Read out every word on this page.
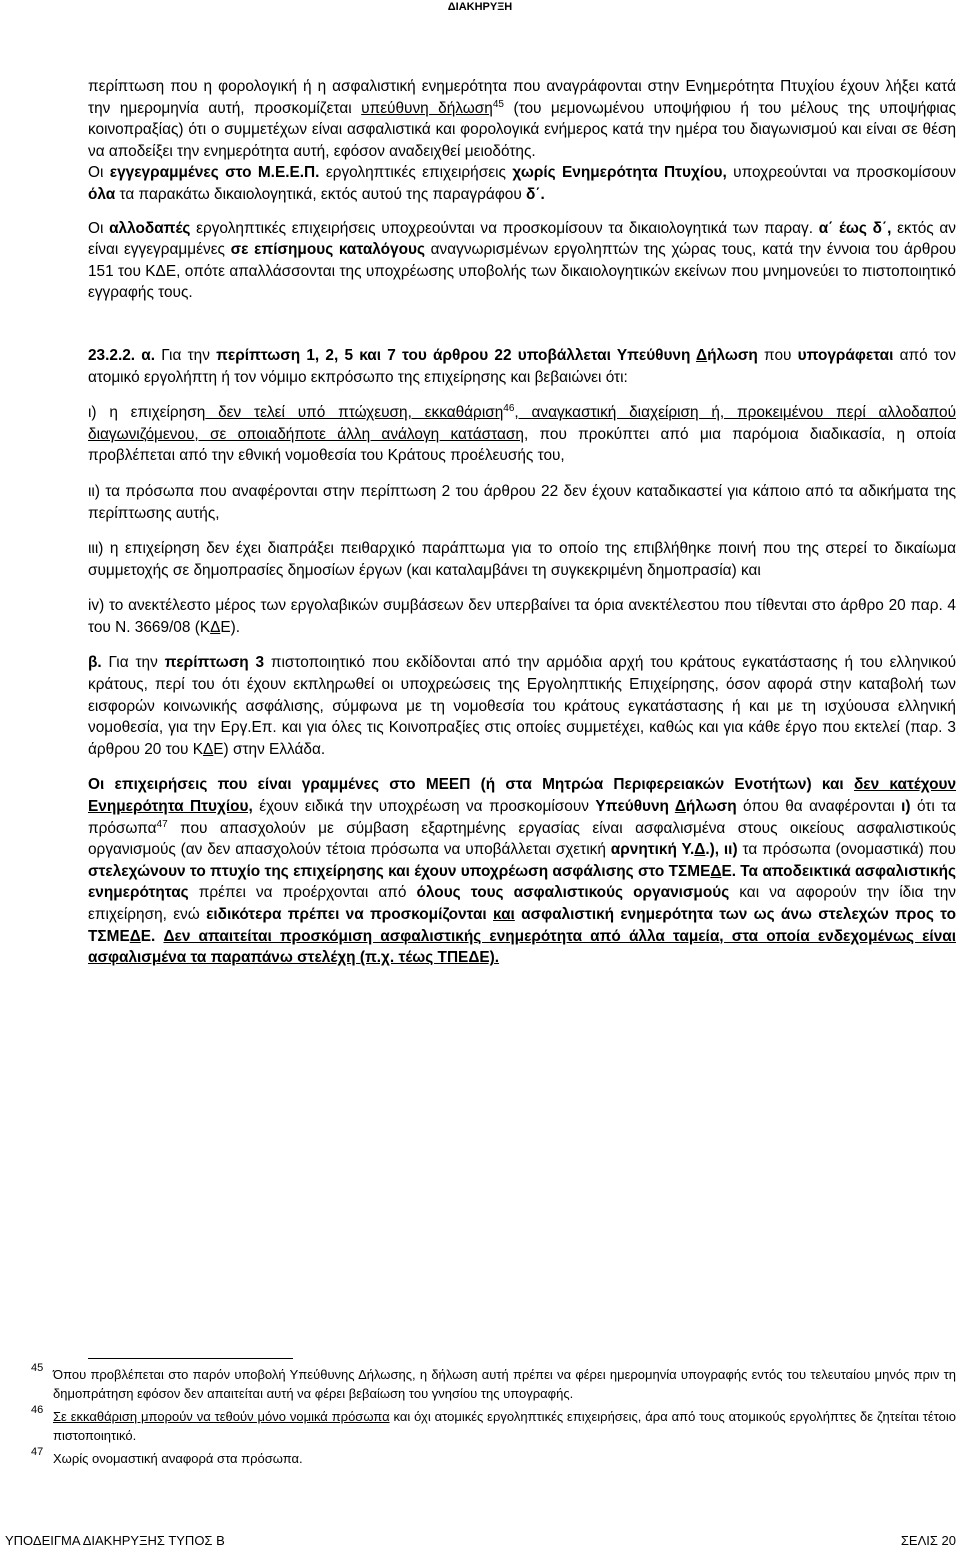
ΔΙΑΚΗΡΥΞΗ

περίπτωση που η φορολογική ή η ασφαλιστική ενημερότητα που αναγράφονται στην Ενημερότητα Πτυχίου έχουν λήξει κατά την ημερομηνία αυτή, προσκομίζεται υπεύθυνη δήλωση$^{45}$ (του μεμονωμένου υποψήφιου ή του μέλους της υποψήφιας κοινοπραξίας) ότι ο συμμετέχων είναι ασφαλιστικά και φορολογικά ενήμερος κατά την ημέρα του διαγωνισμού και είναι σε θέση να αποδείξει την ενημερότητα αυτή, εφόσον αναδειχθεί μειοδότης.

Οι εγγεγραμμένες στο Μ.Ε.Ε.Π. εργοληπτικές επιχειρήσεις χωρίς Ενημερότητα Πτυχίου, υποχρεούνται να προσκομίσουν όλα τα παρακάτω δικαιολογητικά, εκτός αυτού της παραγράφου δ΄.

Οι αλλοδαπές εργοληπτικές επιχειρήσεις υποχρεούνται να προσκομίσουν τα δικαιολογητικά των παραγ. α΄ έως δ΄, εκτός αν είναι εγγεγραμμένες σε επίσημους καταλόγους αναγνωρισμένων εργοληπτών της χώρας τους, κατά την έννοια του άρθρου 151 του ΚΔΕ, οπότε απαλλάσσονται της υποχρέωσης υποβολής των δικαιολογητικών εκείνων που μνημονεύει το πιστοποιητικό εγγραφής τους.

23.2.2. α. Για την περίπτωση 1, 2, 5 και 7 του άρθρου 22 υποβάλλεται Υπεύθυνη Δήλωση που υπογράφεται από τον ατομικό εργολήπτη ή τον νόμιμο εκπρόσωπο της επιχείρησης και βεβαιώνει ότι:

ι) η επιχείρηση δεν τελεί υπό πτώχευση, εκκαθάριση$^{46}$, αναγκαστική διαχείριση ή, προκειμένου περί αλλοδαπού διαγωνιζόμενου, σε οποιαδήποτε άλλη ανάλογη κατάσταση, που προκύπτει από μια παρόμοια διαδικασία, η οποία προβλέπεται από την εθνική νομοθεσία του Κράτους προέλευσής του,

ιι) τα πρόσωπα που αναφέρονται στην περίπτωση 2 του άρθρου 22 δεν έχουν καταδικαστεί για κάποιο από τα αδικήματα της περίπτωσης αυτής,

ιιι) η επιχείρηση δεν έχει διαπράξει πειθαρχικό παράπτωμα για το οποίο της επιβλήθηκε ποινή που της στερεί το δικαίωμα συμμετοχής σε δημοπρασίες δημοσίων έργων (και καταλαμβάνει τη συγκεκριμένη δημοπρασία) και

iv) το ανεκτέλεστο μέρος των εργολαβικών συμβάσεων δεν υπερβαίνει τα όρια ανεκτέλεστου που τίθενται στο άρθρο 20 παρ. 4 του Ν. 3669/08 (ΚΔΕ).

β. Για την περίπτωση 3 πιστοποιητικό που εκδίδονται από την αρμόδια αρχή του κράτους εγκατάστασης ή του ελληνικού κράτους, περί του ότι έχουν εκπληρωθεί οι υποχρεώσεις της Εργοληπτικής Επιχείρησης, όσον αφορά στην καταβολή των εισφορών κοινωνικής ασφάλισης, σύμφωνα με τη νομοθεσία του κράτους εγκατάστασης ή και με τη ισχύουσα ελληνική νομοθεσία, για την Εργ.Επ. και για όλες τις Κοινοπραξίες στις οποίες συμμετέχει, καθώς και για κάθε έργο που εκτελεί (παρ. 3 άρθρου 20 του ΚΔΕ) στην Ελλάδα.

Οι επιχειρήσεις που είναι γραμμένες στο ΜΕΕΠ (ή στα Μητρώα Περιφερειακών Ενοτήτων) και δεν κατέχουν Ενημερότητα Πτυχίου, έχουν ειδικά την υποχρέωση να προσκομίσουν Υπεύθυνη Δήλωση όπου θα αναφέρονται ι) ότι τα πρόσωπα$^{47}$ που απασχολούν με σύμβαση εξαρτημένης εργασίας είναι ασφαλισμένα στους οικείους ασφαλιστικούς οργανισμούς (αν δεν απασχολούν τέτοια πρόσωπα να υποβάλλεται σχετική αρνητική Υ.Δ.), ιι) τα πρόσωπα (ονομαστικά) που στελεχώνουν το πτυχίο της επιχείρησης και έχουν υποχρέωση ασφάλισης στο ΤΣΜΕΔΕ. Τα αποδεικτικά ασφαλιστικής ενημερότητας πρέπει να προέρχονται από όλους τους ασφαλιστικούς οργανισμούς και να αφορούν την ίδια την επιχείρηση, ενώ ειδικότερα πρέπει να προσκομίζονται και ασφαλιστική ενημερότητα των ως άνω στελεχών προς το ΤΣΜΕΔΕ. Δεν απαιτείται προσκόμιση ασφαλιστικής ενημερότητα από άλλα ταμεία, στα οποία ενδεχομένως είναι ασφαλισμένα τα παραπάνω στελέχη (π.χ. τέως ΤΠΕΔΕ).

45 Όπου προβλέπεται στο παρόν υποβολή Υπεύθυνης Δήλωσης, η δήλωση αυτή πρέπει να φέρει ημερομηνία υπογραφής εντός του τελευταίου μηνός πριν τη δημοπράτηση εφόσον δεν απαιτείται αυτή να φέρει βεβαίωση του γνησίου της υπογραφής.

46 Σε εκκαθάριση μπορούν να τεθούν μόνο νομικά πρόσωπα και όχι ατομικές εργοληπτικές επιχειρήσεις, άρα από τους ατομικούς εργολήπτες δε ζητείται τέτοιο πιστοποιητικό.

47 Χωρίς ονομαστική αναφορά στα πρόσωπα.

ΥΠΟΔΕΙΓΜΑ ΔΙΑΚΗΡΥΞΗΣ ΤΥΠΟΣ Β	ΣΕΛΙΣ 20
